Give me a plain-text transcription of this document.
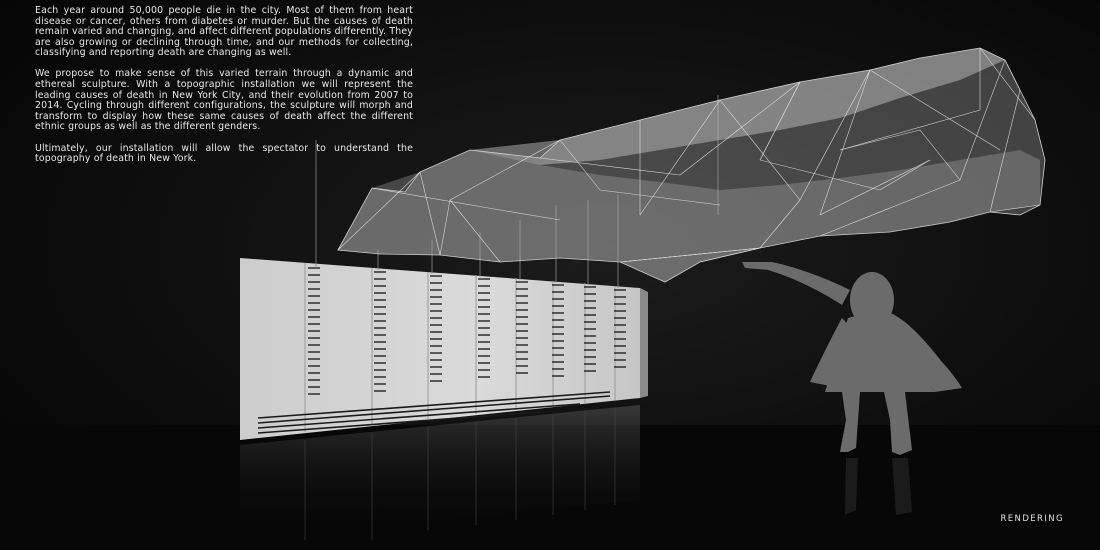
Each year around 50,000 people die in the city. Most of them from heart disease or cancer, others from diabetes or murder. But the causes of death remain varied and changing, and affect different populations differently. They are also growing or declining through time, and our methods for collecting, classifying and reporting death are changing as well.

We propose to make sense of this varied terrain through a dynamic and ethereal sculpture. With a topographic installation we will represent the leading causes of death in New York City, and their evolution from 2007 to 2014. Cycling through different configurations, the sculpture will morph and transform to display how these same causes of death affect the different ethnic groups as well as the different genders.

Ultimately, our installation will allow the spectator to understand the topography of death in New York.

RENDERING
